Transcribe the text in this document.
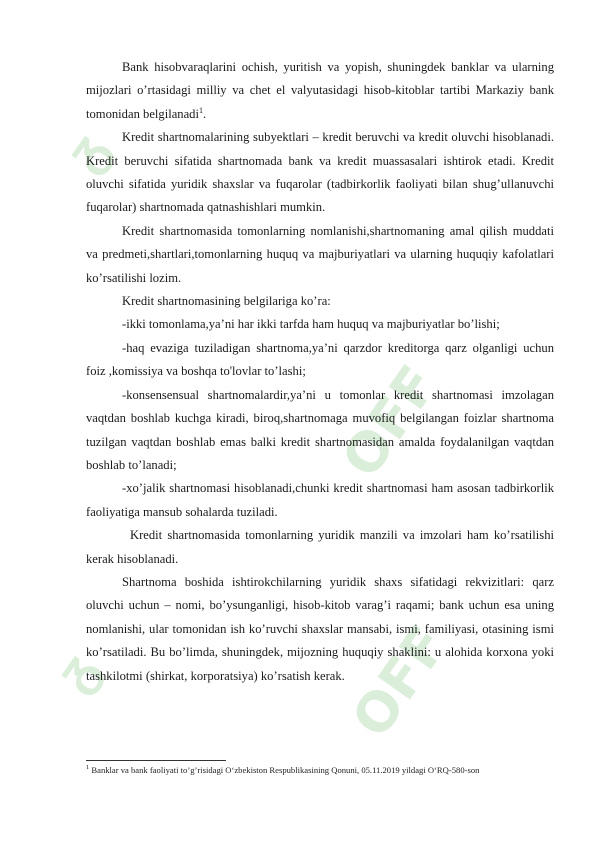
ᵹ
OFF
ᵹ	OFF

Bank hisobvaraqlarini ochish, yuritish va yopish, shuningdek banklar va ularning mijozlari o’rtasidagi milliy va chet el valyutasidagi hisob-kitoblar tartibi Markaziy bank tomonidan belgilanadi$^1$.

Kredit shartnomalarining subyektlari – kredit beruvchi va kredit oluvchi hisoblanadi. Kredit beruvchi sifatida shartnomada bank va kredit muassasalari ishtirok etadi. Kredit oluvchi sifatida yuridik shaxslar va fuqarolar (tadbirkorlik faoliyati bilan shug’ullanuvchi fuqarolar) shartnomada qatnashishlari mumkin.

Kredit shartnomasida tomonlarning nomlanishi,shartnomaning amal qilish muddati va predmeti,shartlari,tomonlarning huquq va majburiyatlari va ularning huquqiy kafolatlari ko’rsatilishi lozim.

Kredit shartnomasining belgilariga ko’ra:

-ikki tomonlama,ya’ni har ikki tarfda ham huquq va majburiyatlar bo’lishi;

-haq evaziga tuziladigan shartnoma,ya’ni qarzdor kreditorga qarz olganligi uchun foiz ,komissiya va boshqa to'lovlar to’lashi;

-konsensensual shartnomalardir,ya’ni u tomonlar kredit shartnomasi imzolagan vaqtdan boshlab kuchga kiradi, biroq,shartnomaga muvofiq belgilangan foizlar shartnoma tuzilgan vaqtdan boshlab emas balki kredit shartnomasidan amalda foydalanilgan vaqtdan boshlab to’lanadi;

-xo’jalik shartnomasi hisoblanadi,chunki kredit shartnomasi ham asosan tadbirkorlik faoliyatiga mansub sohalarda tuziladi.

Kredit shartnomasida tomonlarning yuridik manzili va imzolari ham ko’rsatilishi kerak hisoblanadi.

Shartnoma boshida ishtirokchilarning yuridik shaxs sifatidagi rekvizitlari: qarz oluvchi uchun – nomi, bo’ysunganligi, hisob-kitob varag’i raqami; bank uchun esa uning nomlanishi, ular tomonidan ish ko’ruvchi shaxslar mansabi, ismi, familiyasi, otasining ismi ko’rsatiladi. Bu bo’limda, shuningdek, mijozning huquqiy shaklini: u alohida korxona yoki tashkilotmi (shirkat, korporatsiya) ko’rsatish kerak.

$^1$ Banklar va bank faoliyati to’g’risidagi O‘zbekiston Respublikasining Qonuni, 05.11.2019 yildagi O‘RQ-580-son
